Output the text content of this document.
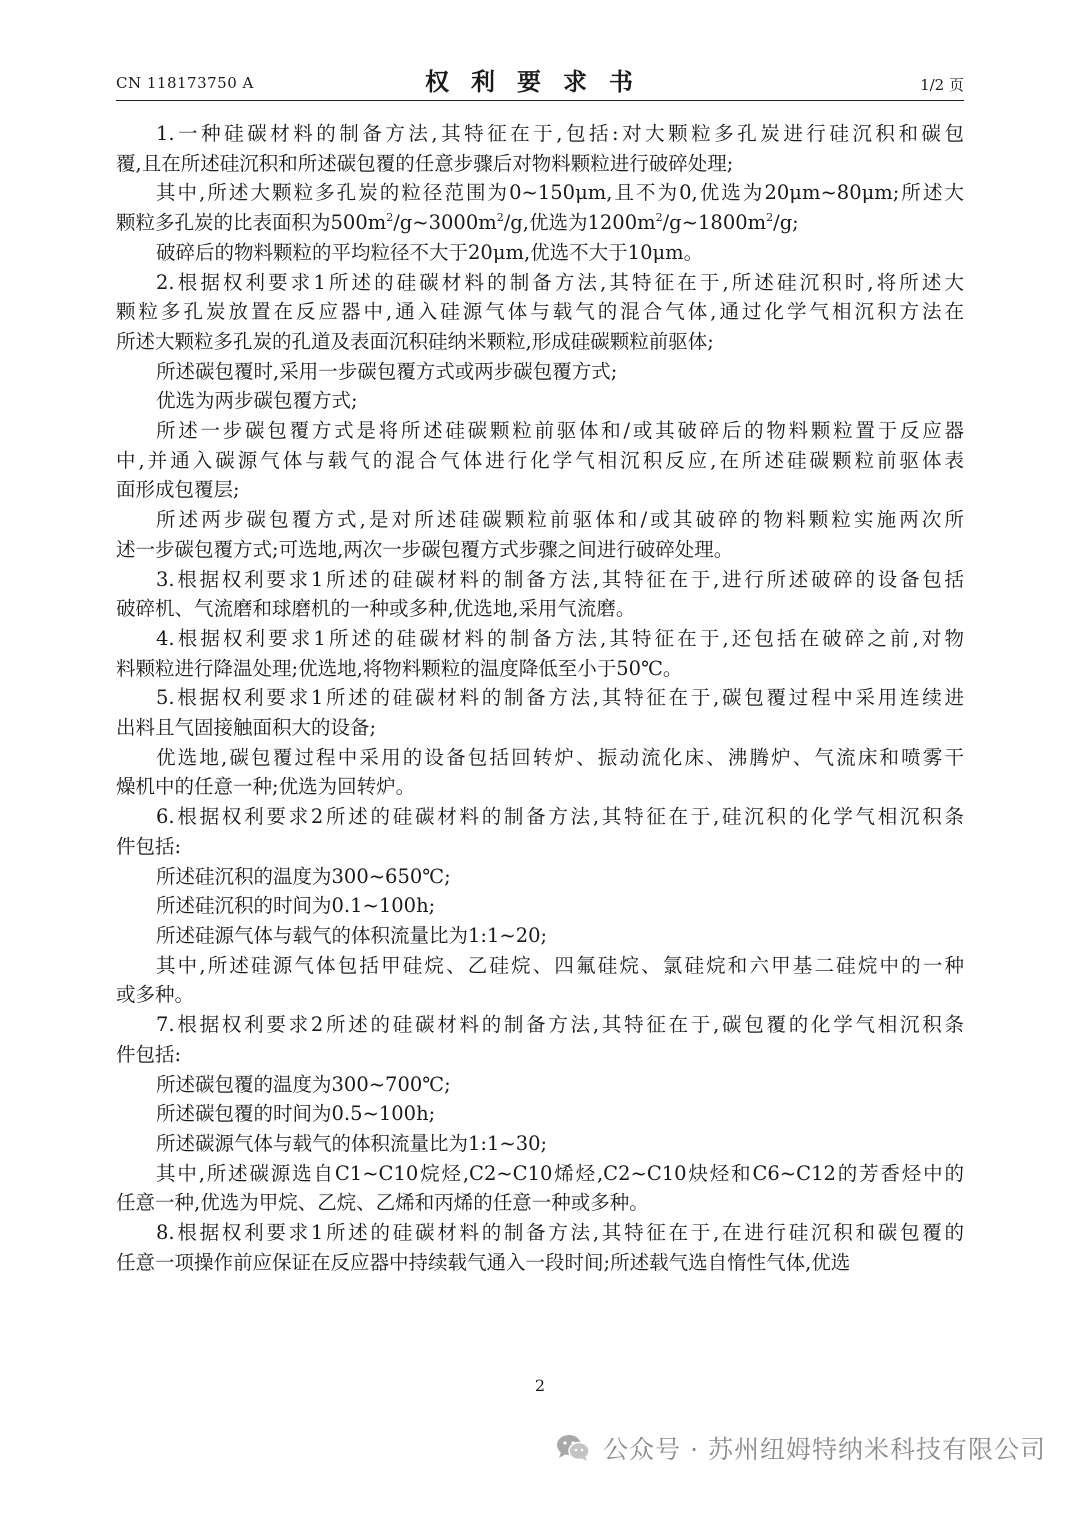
CN 118173750 A	权利要求书	1/2 页

1.一种硅碳材料的制备方法,其特征在于,包括:对大颗粒多孔炭进行硅沉积和碳包
覆,且在所述硅沉积和所述碳包覆的任意步骤后对物料颗粒进行破碎处理;

其中,所述大颗粒多孔炭的粒径范围为0~150μm,且不为0,优选为20μm~80μm;所述大
颗粒多孔炭的比表面积为$500m^2/g\sim 3000m^2/g$,优选为$1200m^2/g\sim 1800m^2/g$;

破碎后的物料颗粒的平均粒径不大于20μm,优选不大于10μm。

2.根据权利要求1所述的硅碳材料的制备方法,其特征在于,所述硅沉积时,将所述大
颗粒多孔炭放置在反应器中,通入硅源气体与载气的混合气体,通过化学气相沉积方法在
所述大颗粒多孔炭的孔道及表面沉积硅纳米颗粒,形成硅碳颗粒前驱体;

所述碳包覆时,采用一步碳包覆方式或两步碳包覆方式;

优选为两步碳包覆方式;

所述一步碳包覆方式是将所述硅碳颗粒前驱体和/或其破碎后的物料颗粒置于反应器
中,并通入碳源气体与载气的混合气体进行化学气相沉积反应,在所述硅碳颗粒前驱体表
面形成包覆层;

所述两步碳包覆方式,是对所述硅碳颗粒前驱体和/或其破碎的物料颗粒实施两次所
述一步碳包覆方式;可选地,两次一步碳包覆方式步骤之间进行破碎处理。

3.根据权利要求1所述的硅碳材料的制备方法,其特征在于,进行所述破碎的设备包括
破碎机、气流磨和球磨机的一种或多种,优选地,采用气流磨。

4.根据权利要求1所述的硅碳材料的制备方法,其特征在于,还包括在破碎之前,对物
料颗粒进行降温处理;优选地,将物料颗粒的温度降低至小于50℃。

5.根据权利要求1所述的硅碳材料的制备方法,其特征在于,碳包覆过程中采用连续进
出料且气固接触面积大的设备;

优选地,碳包覆过程中采用的设备包括回转炉、振动流化床、沸腾炉、气流床和喷雾干
燥机中的任意一种;优选为回转炉。

6.根据权利要求2所述的硅碳材料的制备方法,其特征在于,硅沉积的化学气相沉积条
件包括:

所述硅沉积的温度为300~650℃;

所述硅沉积的时间为0.1~100h;

所述硅源气体与载气的体积流量比为1:1~20;

其中,所述硅源气体包括甲硅烷、乙硅烷、四氟硅烷、氯硅烷和六甲基二硅烷中的一种
或多种。

7.根据权利要求2所述的硅碳材料的制备方法,其特征在于,碳包覆的化学气相沉积条
件包括:

所述碳包覆的温度为300~700℃;

所述碳包覆的时间为0.5~100h;

所述碳源气体与载气的体积流量比为1:1~30;

其中,所述碳源选自C1~C10烷烃,C2~C10烯烃,C2~C10炔烃和C6~C12的芳香烃中的
任意一种,优选为甲烷、乙烷、乙烯和丙烯的任意一种或多种。

8.根据权利要求1所述的硅碳材料的制备方法,其特征在于,在进行硅沉积和碳包覆的
任意一项操作前应保证在反应器中持续载气通入一段时间;所述载气选自惰性气体,优选

2
公众号 · 苏州纽姆特纳米科技有限公司
